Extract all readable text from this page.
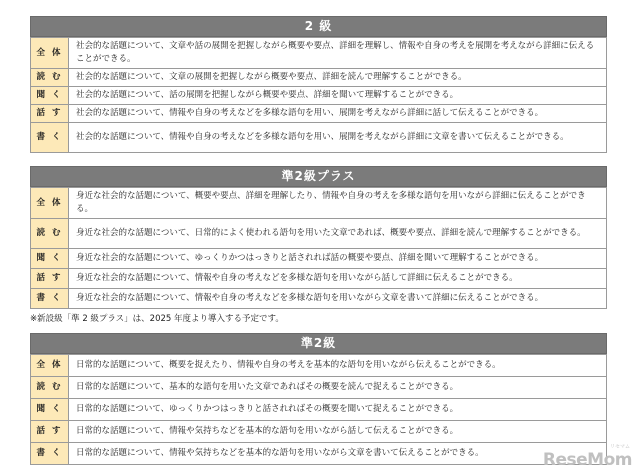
2 級
全 体	社会的な話題について、文章や話の展開を把握しながら概要や要点、詳細を理解し、情報や自身の考えを展開を考えながら詳細に伝えることができる。
読 む	社会的な話題について、文章の展開を把握しながら概要や要点、詳細を読んで理解することができる。
聞 く	社会的な話題について、話の展開を把握しながら概要や要点、詳細を聞いて理解することができる。
話 す	社会的な話題について、情報や自身の考えなどを多様な語句を用い、展開を考えながら詳細に話して伝えることができる。
書 く	社会的な話題について、情報や自身の考えなどを多様な語句を用い、展開を考えながら詳細に文章を書いて伝えることができる。
準2級プラス
全 体	身近な社会的な話題について、概要や要点、詳細を理解したり、情報や自身の考えを多様な語句を用いながら詳細に伝えることができる。
読 む	身近な社会的な話題について、日常的によく使われる語句を用いた文章であれば、概要や要点、詳細を読んで理解することができる。
聞 く	身近な社会的な話題について、ゆっくりかつはっきりと話されれば話の概要や要点、詳細を聞いて理解することができる。
話 す	身近な社会的な話題について、情報や自身の考えなどを多様な語句を用いながら話して詳細に伝えることができる。
書 く	身近な社会的な話題について、情報や自身の考えなどを多様な語句を用いながら文章を書いて詳細に伝えることができる。
※新設級「準 2 級プラス」は、2025 年度より導入する予定です。
準2級
全 体	日常的な話題について、概要を捉えたり、情報や自身の考えを基本的な語句を用いながら伝えることができる。
読 む	日常的な話題について、基本的な語句を用いた文章であればその概要を読んで捉えることができる。
聞 く	日常的な話題について、ゆっくりかつはっきりと話されればその概要を聞いて捉えることができる。
話 す	日常的な話題について、情報や気持ちなどを基本的な語句を用いながら話して伝えることができる。
書 く	日常的な話題について、情報や気持ちなどを基本的な語句を用いながら文章を書いて伝えることができる。
リセマム
ReseMom
